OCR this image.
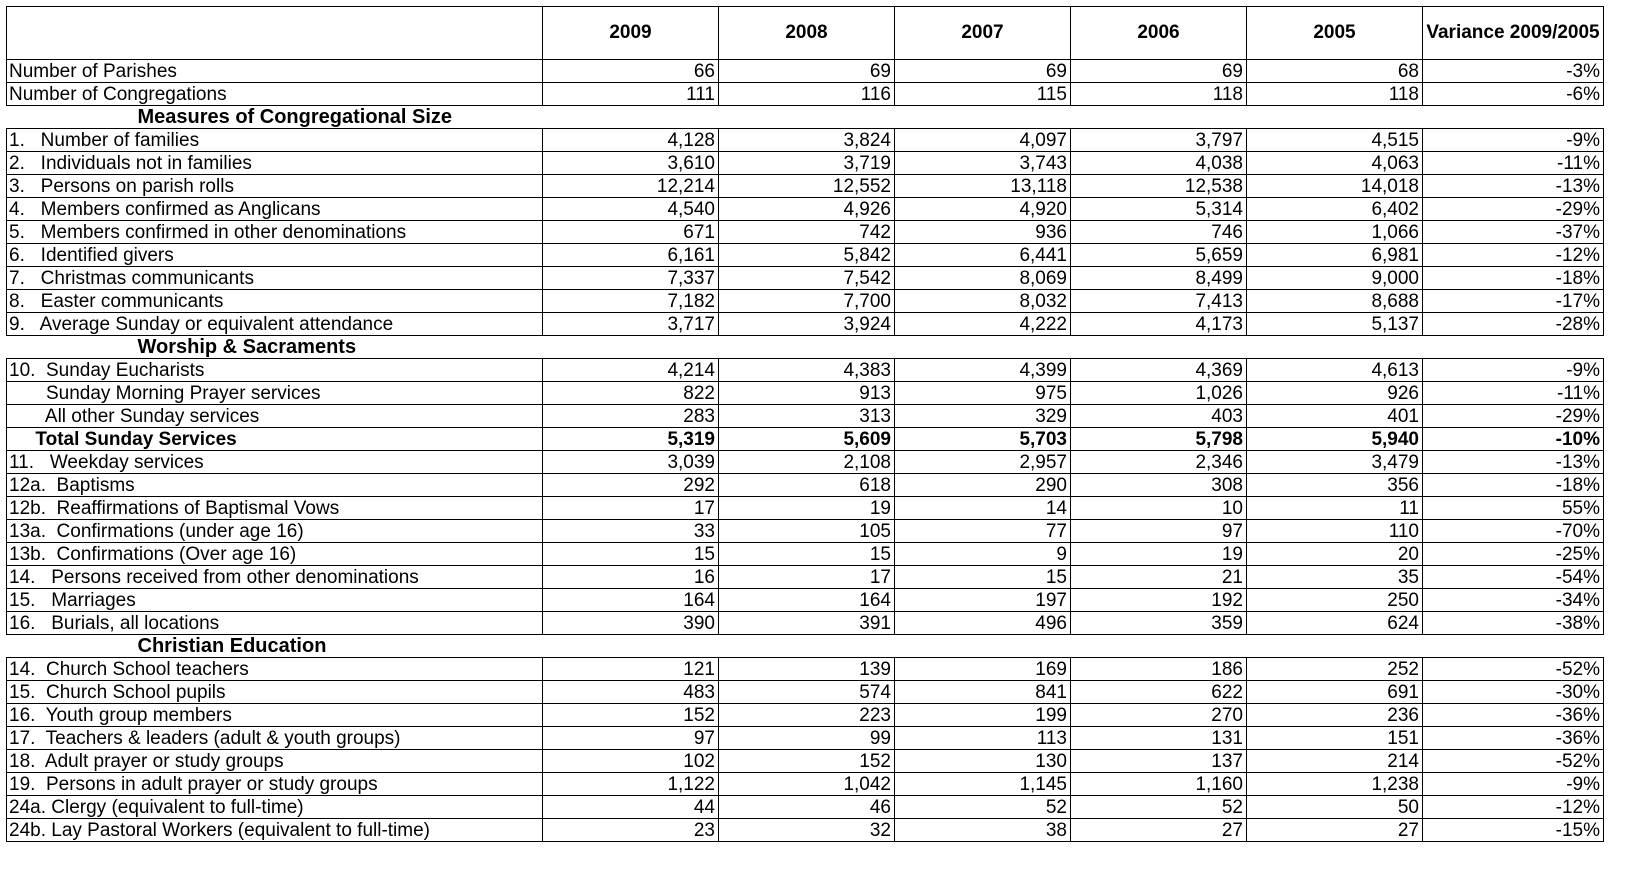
	2009	2008	2007	2006	2005	Variance 2009/2005
Number of Parishes	66	69	69	69	68	-3%
Number of Congregations	111	116	115	118	118	-6%
Measures of Congregational Size						
1.   Number of families	4,128	3,824	4,097	3,797	4,515	-9%
2.   Individuals not in families	3,610	3,719	3,743	4,038	4,063	-11%
3.   Persons on parish rolls	12,214	12,552	13,118	12,538	14,018	-13%
4.   Members confirmed as Anglicans	4,540	4,926	4,920	5,314	6,402	-29%
5.   Members confirmed in other denominations	671	742	936	746	1,066	-37%
6.   Identified givers	6,161	5,842	6,441	5,659	6,981	-12%
7.   Christmas communicants	7,337	7,542	8,069	8,499	9,000	-18%
8.   Easter communicants	7,182	7,700	8,032	7,413	8,688	-17%
9.   Average Sunday or equivalent attendance	3,717	3,924	4,222	4,173	5,137	-28%
Worship & Sacraments						
10.  Sunday Eucharists	4,214	4,383	4,399	4,369	4,613	-9%
Sunday Morning Prayer services	822	913	975	1,026	926	-11%
All other Sunday services	283	313	329	403	401	-29%
Total Sunday Services	5,319	5,609	5,703	5,798	5,940	-10%
11.   Weekday services	3,039	2,108	2,957	2,346	3,479	-13%
12a.  Baptisms	292	618	290	308	356	-18%
12b.  Reaffirmations of Baptismal Vows	17	19	14	10	11	55%
13a.  Confirmations (under age 16)	33	105	77	97	110	-70%
13b.  Confirmations (Over age 16)	15	15	9	19	20	-25%
14.   Persons received from other denominations	16	17	15	21	35	-54%
15.   Marriages	164	164	197	192	250	-34%
16.   Burials, all locations	390	391	496	359	624	-38%
Christian Education						
14.  Church School teachers	121	139	169	186	252	-52%
15.  Church School pupils	483	574	841	622	691	-30%
16.  Youth group members	152	223	199	270	236	-36%
17.  Teachers & leaders (adult & youth groups)	97	99	113	131	151	-36%
18.  Adult prayer or study groups	102	152	130	137	214	-52%
19.  Persons in adult prayer or study groups	1,122	1,042	1,145	1,160	1,238	-9%
24a. Clergy (equivalent to full-time)	44	46	52	52	50	-12%
24b. Lay Pastoral Workers (equivalent to full-time)	23	32	38	27	27	-15%
